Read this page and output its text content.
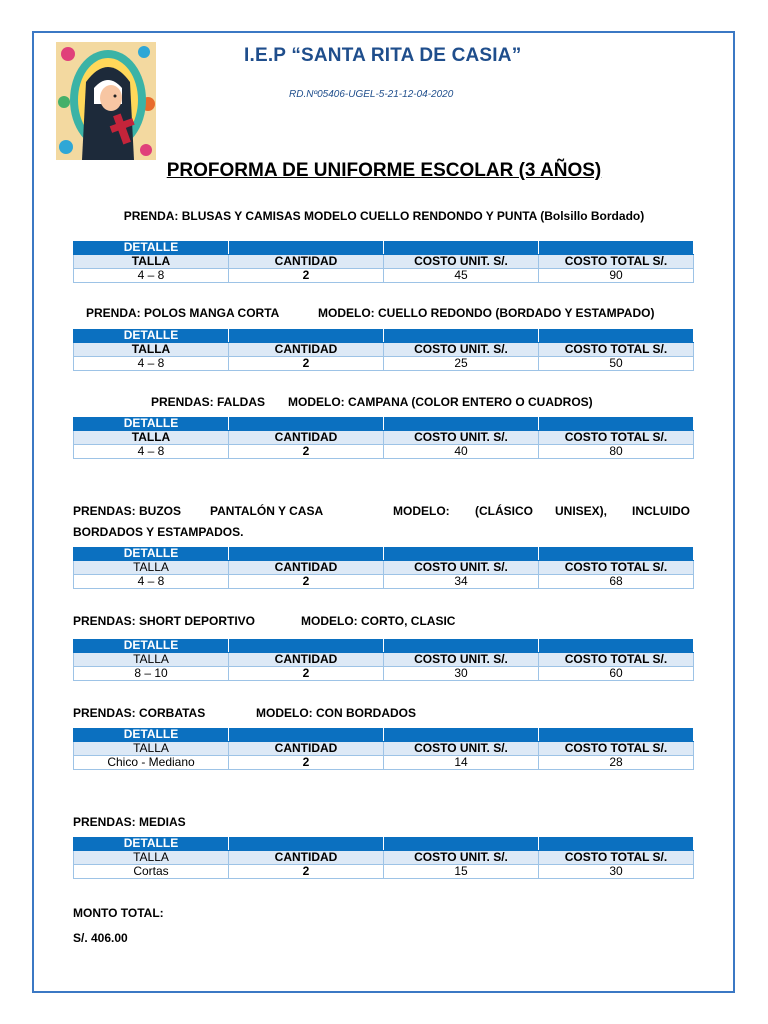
I.E.P “SANTA RITA DE CASIA”
RD.Nº05406-UGEL-5-21-12-04-2020
PROFORMA DE UNIFORME ESCOLAR (3 AÑOS)
PRENDA: BLUSAS Y CAMISAS MODELO CUELLO RENDONDO Y PUNTA (Bolsillo Bordado)
DETALLE			
TALLA	CANTIDAD	COSTO UNIT. S/.	COSTO TOTAL S/.
4 – 8	2	45	90
PRENDA: POLOS MANGA CORTA	MODELO: CUELLO REDONDO (BORDADO Y ESTAMPADO)
DETALLE			
TALLA	CANTIDAD	COSTO UNIT. S/.	COSTO TOTAL S/.
4 – 8	2	25	50
PRENDAS: FALDAS MODELO: CAMPANA (COLOR ENTERO O CUADROS)
DETALLE			
TALLA	CANTIDAD	COSTO UNIT. S/.	COSTO TOTAL S/.
4 – 8	2	40	80
PRENDAS: BUZOS PANTALÓN Y CASA	MODELO: (CLÁSICO UNISEX), INCLUIDO
BORDADOS Y ESTAMPADOS.
DETALLE			
TALLA	CANTIDAD	COSTO UNIT. S/.	COSTO TOTAL S/.
4 – 8	2	34	68
PRENDAS: SHORT DEPORTIVO	MODELO: CORTO, CLASIC
DETALLE			
TALLA	CANTIDAD	COSTO UNIT. S/.	COSTO TOTAL S/.
8 – 10	2	30	60
PRENDAS: CORBATAS	MODELO: CON BORDADOS
DETALLE			
TALLA	CANTIDAD	COSTO UNIT. S/.	COSTO TOTAL S/.
Chico - Mediano	2	14	28
PRENDAS: MEDIAS
DETALLE			
TALLA	CANTIDAD	COSTO UNIT. S/.	COSTO TOTAL S/.
Cortas	2	15	30
MONTO TOTAL:
S/. 406.00
